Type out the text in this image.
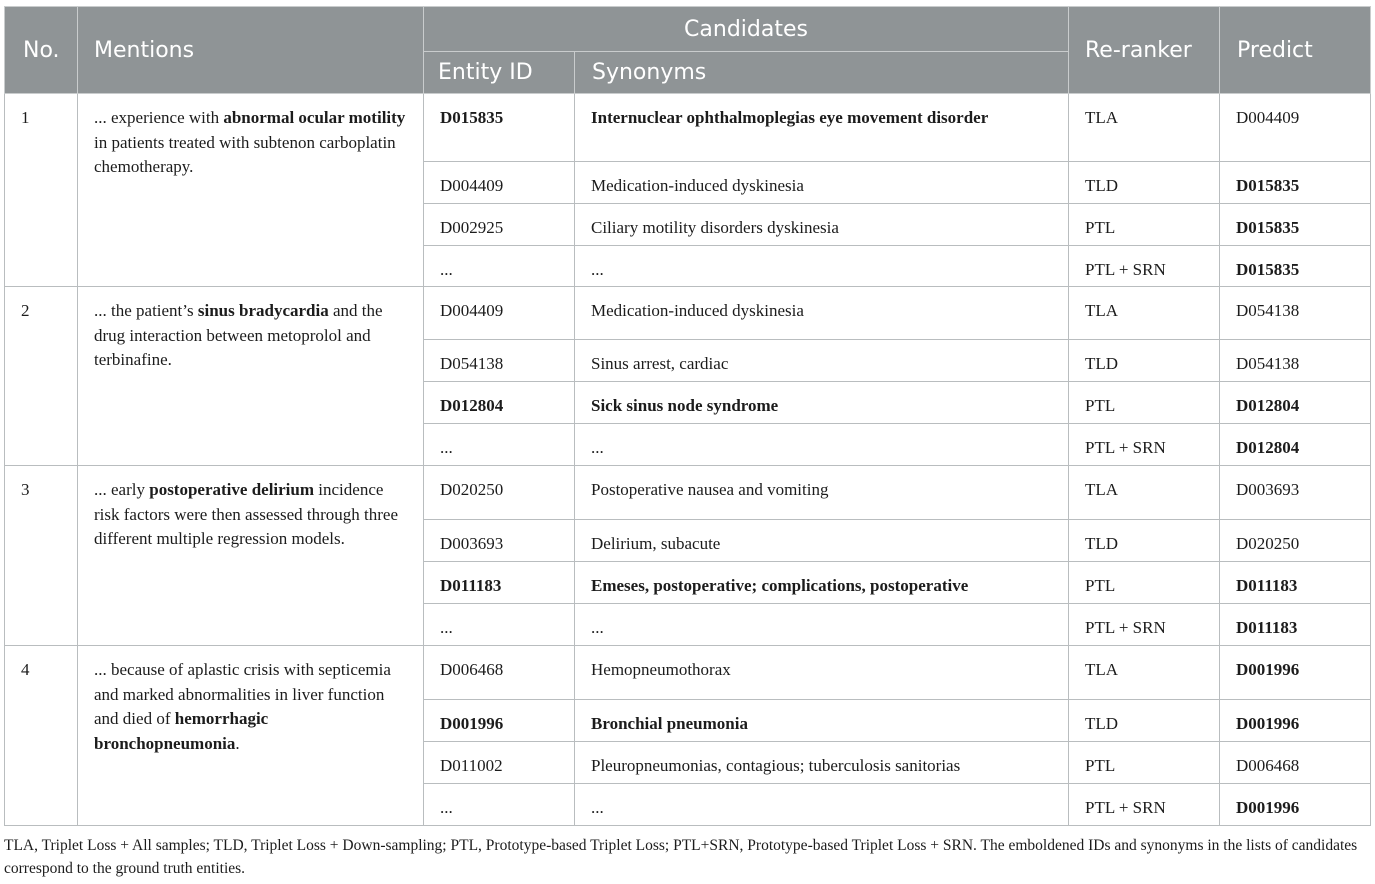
No.	Mentions	Candidates		Re-ranker	Predict
		Entity ID	Synonyms		
1	... experience with abnormal ocular motility in patients treated with subtenon carboplatin chemotherapy.	D015835	Internuclear ophthalmoplegias eye movement disorder	TLA	D004409
		D004409	Medication-induced dyskinesia	TLD	D015835
		D002925	Ciliary motility disorders dyskinesia	PTL	D015835
		...	...	PTL + SRN	D015835
2	... the patient’s sinus bradycardia and the drug interaction between metoprolol and terbinafine.	D004409	Medication-induced dyskinesia	TLA	D054138
		D054138	Sinus arrest, cardiac	TLD	D054138
		D012804	Sick sinus node syndrome	PTL	D012804
		...	...	PTL + SRN	D012804
3	... early postoperative delirium incidence risk factors were then assessed through three different multiple regression models.	D020250	Postoperative nausea and vomiting	TLA	D003693
		D003693	Delirium, subacute	TLD	D020250
		D011183	Emeses, postoperative; complications, postoperative	PTL	D011183
		...	...	PTL + SRN	D011183
4	... because of aplastic crisis with septicemia and marked abnormalities in liver function and died of hemorrhagic bronchopneumonia.	D006468	Hemopneumothorax	TLA	D001996
		D001996	Bronchial pneumonia	TLD	D001996
		D011002	Pleuropneumonias, contagious; tuberculosis sanitorias	PTL	D006468
		...	...	PTL + SRN	D001996
TLA, Triplet Loss + All samples; TLD, Triplet Loss + Down-sampling; PTL, Prototype-based Triplet Loss; PTL+SRN, Prototype-based Triplet Loss + SRN. The emboldened IDs and synonyms in the lists of candidates correspond to the ground truth entities.
